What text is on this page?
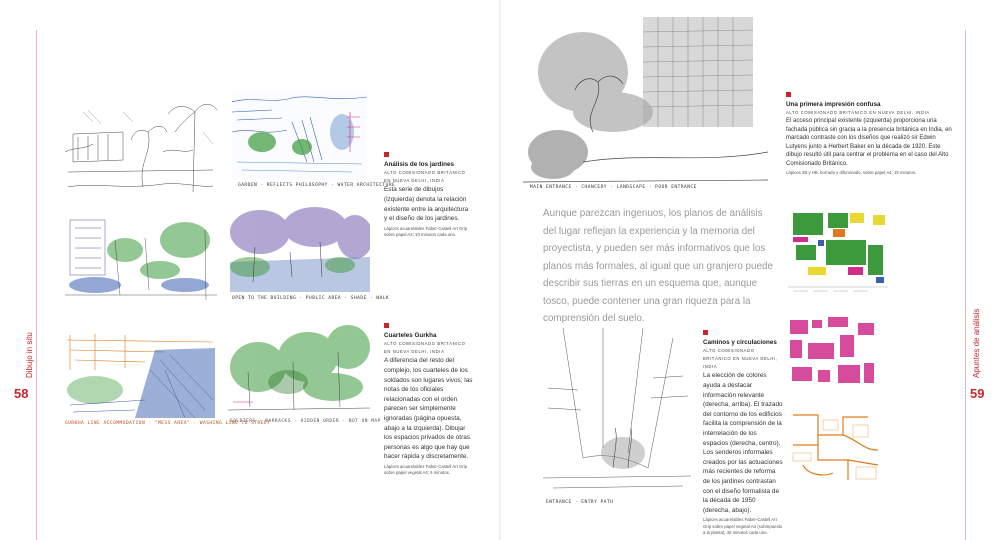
58
Dibujo in situ
59
Apuntes de análisis
GARDEN · REFLECTS PHILOSOPHY · WATER ARCHITECTURE
OPEN TO THE BUILDING · PUBLIC AREA · SHADE · WALK
GURKHA LINE ACCOMMODATION · "MESS AREA" · WASHING LINE TO STREET
SOLDIERS · BARRACKS · HIDDEN ORDER · NOT ON MAP
Análisis de los jardines
ALTO COMISIONADO BRITÁNICO EN NUEVA DELHI, INDIA
Esta serie de dibujos (izquierda) denota la relación existente entre la arquitectura y el diseño de los jardines.
Lápices acuarelables Faber-Castell Art Grip sobre papel A4; 10 minutos cada uno.
Cuarteles Gurkha
ALTO COMISIONADO BRITÁNICO EN NUEVA DELHI, INDIA
A diferencia del resto del complejo, los cuarteles de los soldados son lugares vivos; las notas de los oficiales relacionadas con el orden parecen ser simplemente ignoradas (página opuesta, abajo a la izquierda). Dibujar los espacios privados de otras personas es algo que hay que hacer rápida y discretamente.
Lápices acuarelables Faber-Castell Art Grip sobre papel vegetal A4; 5 minutos.
MAIN ENTRANCE · CHANCERY · LANDSCAPE · POOR ENTRANCE
Aunque parezcan ingenuos, los planos de análisis del lugar reflejan la experiencia y la memoria del proyectista, y pueden ser más informativos que los planos más formales, al igual que un granjero puede describir sus tierras en un esquema que, aunque tosco, puede contener una gran riqueza para la comprensión del suelo.
ENTRANCE · ENTRY PATH
Una primera impresión confusa
ALTO COMISIONADO BRITÁNICO EN NUEVA DELHI, INDIA
El acceso principal existente (izquierda) proporciona una fachada pública sin gracia a la presencia británica en India, en marcado contraste con los diseños que realizó sir Edwin Lutyens junto a Herbert Baker en la década de 1920. Este dibujo resultó útil para centrar el problema en el caso del Alto Comisionado Británico.
Lápices 2B y HB, borrado y difuminado, sobre papel A4; 15 minutos.
Caminos y circulaciones
ALTO COMISIONADO BRITÁNICO EN NUEVA DELHI, INDIA
La elección de colores ayuda a destacar información relevante (derecha, arriba). El trazado del contorno de los edificios facilita la comprensión de la interrelación de los espacios (derecha, centro). Los senderos informales creados por las actuaciones más recientes de reforma de los jardines contrastan con el diseño formalista de la década de 1950 (derecha, abajo).
Lápices acuarelables Faber-Castell Art Grip sobre papel vegetal A3 (sobrepuesto a la planta); 40 minutos cada uno.
